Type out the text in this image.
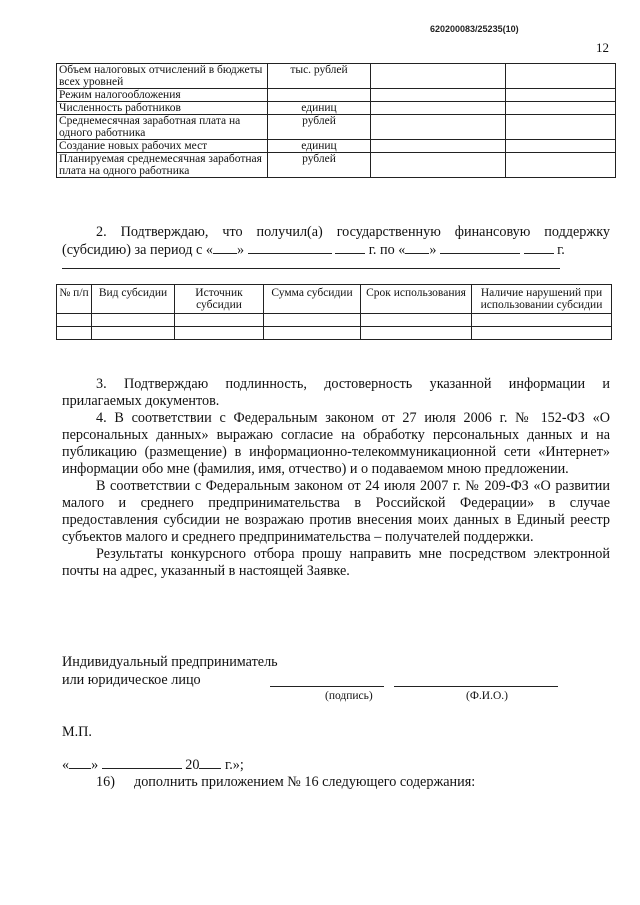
620200083/25235(10)
12
Объем налоговых отчислений в бюджеты всех уровней	тыс. рублей		
Режим налогообложения			
Численность работников	единиц		
Среднемесячная заработная плата на одного работника	рублей		
Создание новых рабочих мест	единиц		
Планируемая среднемесячная заработная плата на одного работника	рублей		
2. Подтверждаю, что получил(а) государственную финансовую поддержку (субсидию) за период с « »	г. по « »	г.
№ п/п	Вид субсидии	Источник субсидии	Сумма субсидии	Срок использования	Наличие нарушений при использовании субсидии

3. Подтверждаю подлинность, достоверность указанной информации и прилагаемых документов.

4. В соответствии с Федеральным законом от 27 июля 2006 г. № 152-ФЗ «О персональных данных» выражаю согласие на обработку персональных данных и на публикацию (размещение) в информационно-телекоммуникационной сети «Интернет» информации обо мне (фамилия, имя, отчество) и о подаваемом мною предложении.

В соответствии с Федеральным законом от 24 июля 2007 г. № 209-ФЗ «О развитии малого и среднего предпринимательства в Российской Федерации» в случае предоставления субсидии не возражаю против внесения моих данных в Единый реестр субъектов малого и среднего предпринимательства – получателей поддержки.

Результаты конкурсного отбора прошу направить мне посредством электронной почты на адрес, указанный в настоящей Заявке.

Индивидуальный предприниматель
или юридическое лицо
(подпись)	(Ф.И.О.)
М.П.
« »	20 г.»;
16) дополнить приложением № 16 следующего содержания:
